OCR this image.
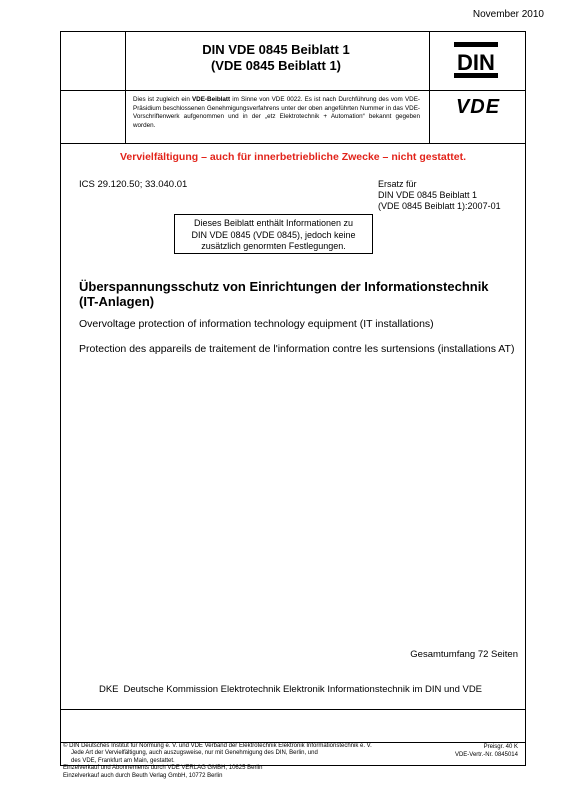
November 2010
DIN VDE 0845 Beiblatt 1
(VDE 0845 Beiblatt 1)	DIN
Dies ist zugleich ein VDE-Beiblatt im Sinne von VDE 0022. Es ist nach Durchführung des vom VDE-Präsidium beschlossenen Genehmigungsverfahrens unter der oben angeführten Nummer in das VDE-Vorschriftenwerk aufgenommen und in der „etz Elektrotechnik + Automation“ bekannt gegeben worden.
VDE
Vervielfältigung – auch für innerbetriebliche Zwecke – nicht gestattet.
ICS 29.120.50; 33.040.01	Ersatz für
DIN VDE 0845 Beiblatt 1
(VDE 0845 Beiblatt 1):2007-01
Dieses Beiblatt enthält Informationen zu
DIN VDE 0845 (VDE 0845), jedoch keine
zusätzlich genormten Festlegungen.
Überspannungsschutz von Einrichtungen der Informationstechnik
(IT-Anlagen)
Overvoltage protection of information technology equipment (IT installations)
Protection des appareils de traitement de l'information contre les surtensions (installations AT)
Gesamtumfang 72 Seiten
DKE Deutsche Kommission Elektrotechnik Elektronik Informationstechnik im DIN und VDE
© DIN Deutsches Institut für Normung e. V. und VDE Verband der Elektrotechnik Elektronik Informationstechnik e. V.
Jede Art der Vervielfältigung, auch auszugsweise, nur mit Genehmigung des DIN, Berlin, und
des VDE, Frankfurt am Main, gestattet.
Einzelverkauf und Abonnements durch VDE VERLAG GMBH, 10625 Berlin
Einzelverkauf auch durch Beuth Verlag GmbH, 10772 Berlin
Preisgr. 40 K
VDE-Vertr.-Nr. 0845014
